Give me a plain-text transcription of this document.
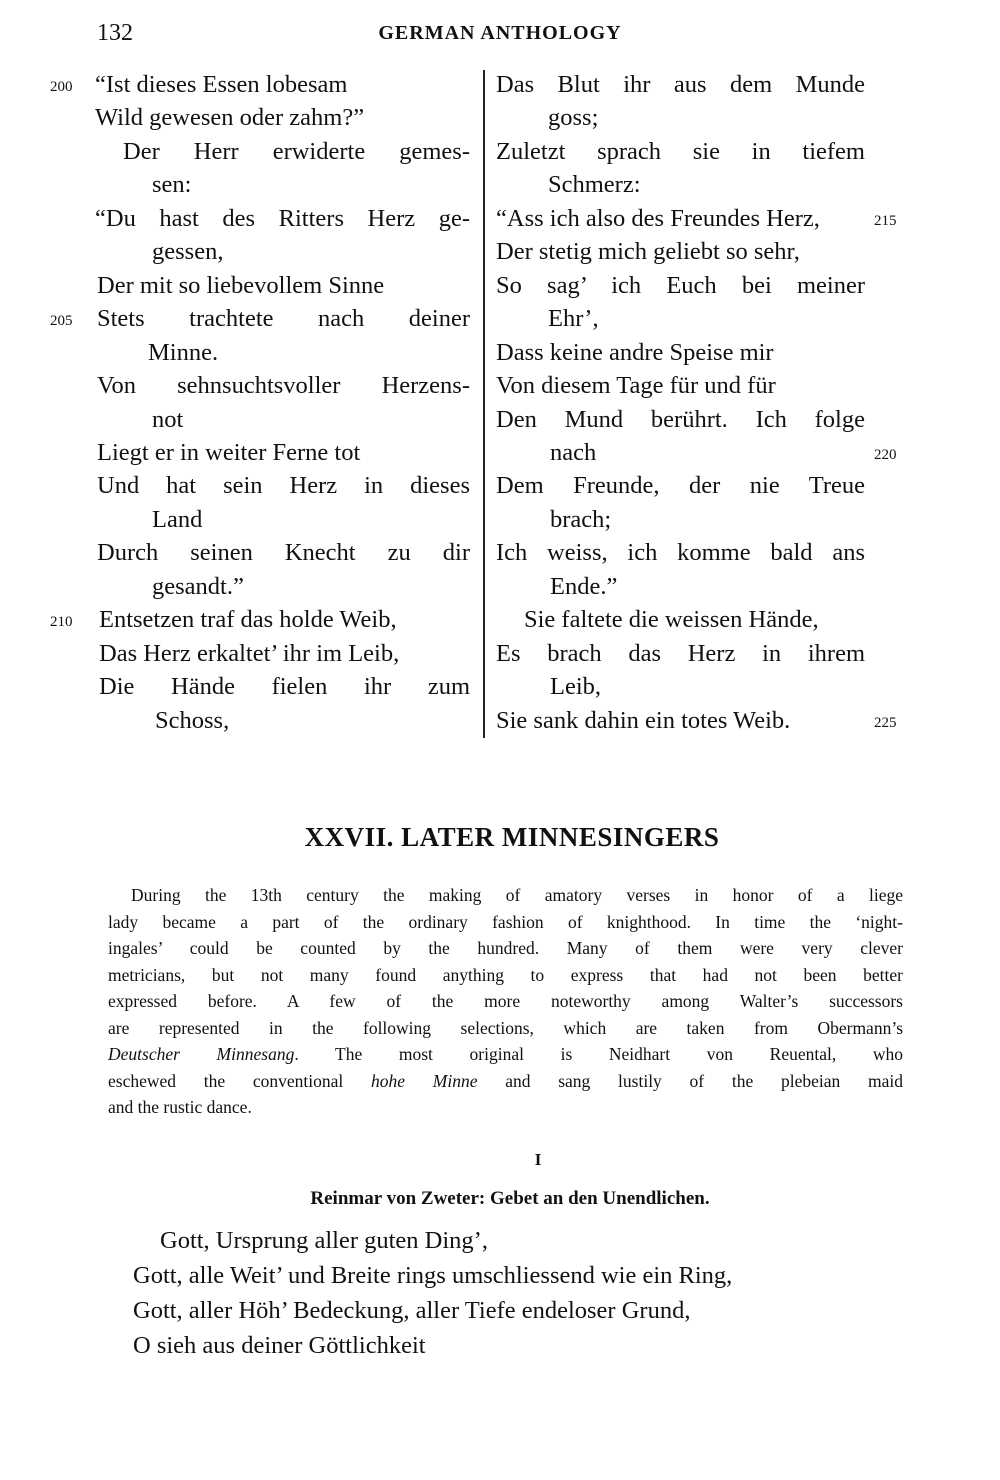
132	GERMAN ANTHOLOGY
“Ist dieses Essen lobesam
200
Wild gewesen oder zahm?”
Der Herr erwiderte gemes-
sen:
“Du hast des Ritters Herz ge-
gessen,
Der mit so liebevollem Sinne
Stets trachtete nach deiner
205
Minne.
Von sehnsuchtsvoller Herzens-
not
Liegt er in weiter Ferne tot
Und hat sein Herz in dieses
Land
Durch seinen Knecht zu dir
gesandt.”
Entsetzen traf das holde Weib,
210
Das Herz erkaltet’ ihr im Leib,
Die Hände fielen ihr zum
Schoss,
Das Blut ihr aus dem Munde
goss;
Zuletzt sprach sie in tiefem
Schmerz:
“Ass ich also des Freundes Herz,	215
Der stetig mich geliebt so sehr,
So sag’ ich Euch bei meiner
Ehr’,
Dass keine andre Speise mir
Von diesem Tage für und für
Den Mund berührt. Ich folge
nach	220
Dem Freunde, der nie Treue
brach;
Ich weiss, ich komme bald ans
Ende.”
Sie faltete die weissen Hände,
Es brach das Herz in ihrem
Leib,
Sie sank dahin ein totes Weib.	225
XXVII. LATER MINNESINGERS
During the 13th century the making of amatory verses in honor of a liege
lady became a part of the ordinary fashion of knighthood. In time the ‘night-
ingales’ could be counted by the hundred. Many of them were very clever
metricians, but not many found anything to express that had not been better
expressed before. A few of the more noteworthy among Walter’s successors
are represented in the following selections, which are taken from Obermann’s
Deutscher Minnesang. The most original is Neidhart von Reuental, who
eschewed the conventional hohe Minne and sang lustily of the plebeian maid
and the rustic dance.
I
Reinmar von Zweter: Gebet an den Unendlichen.
Gott, Ursprung aller guten Ding’,
Gott, alle Weit’ und Breite rings umschliessend wie ein Ring,
Gott, aller Höh’ Bedeckung, aller Tiefe endeloser Grund,
O sieh aus deiner Göttlichkeit
